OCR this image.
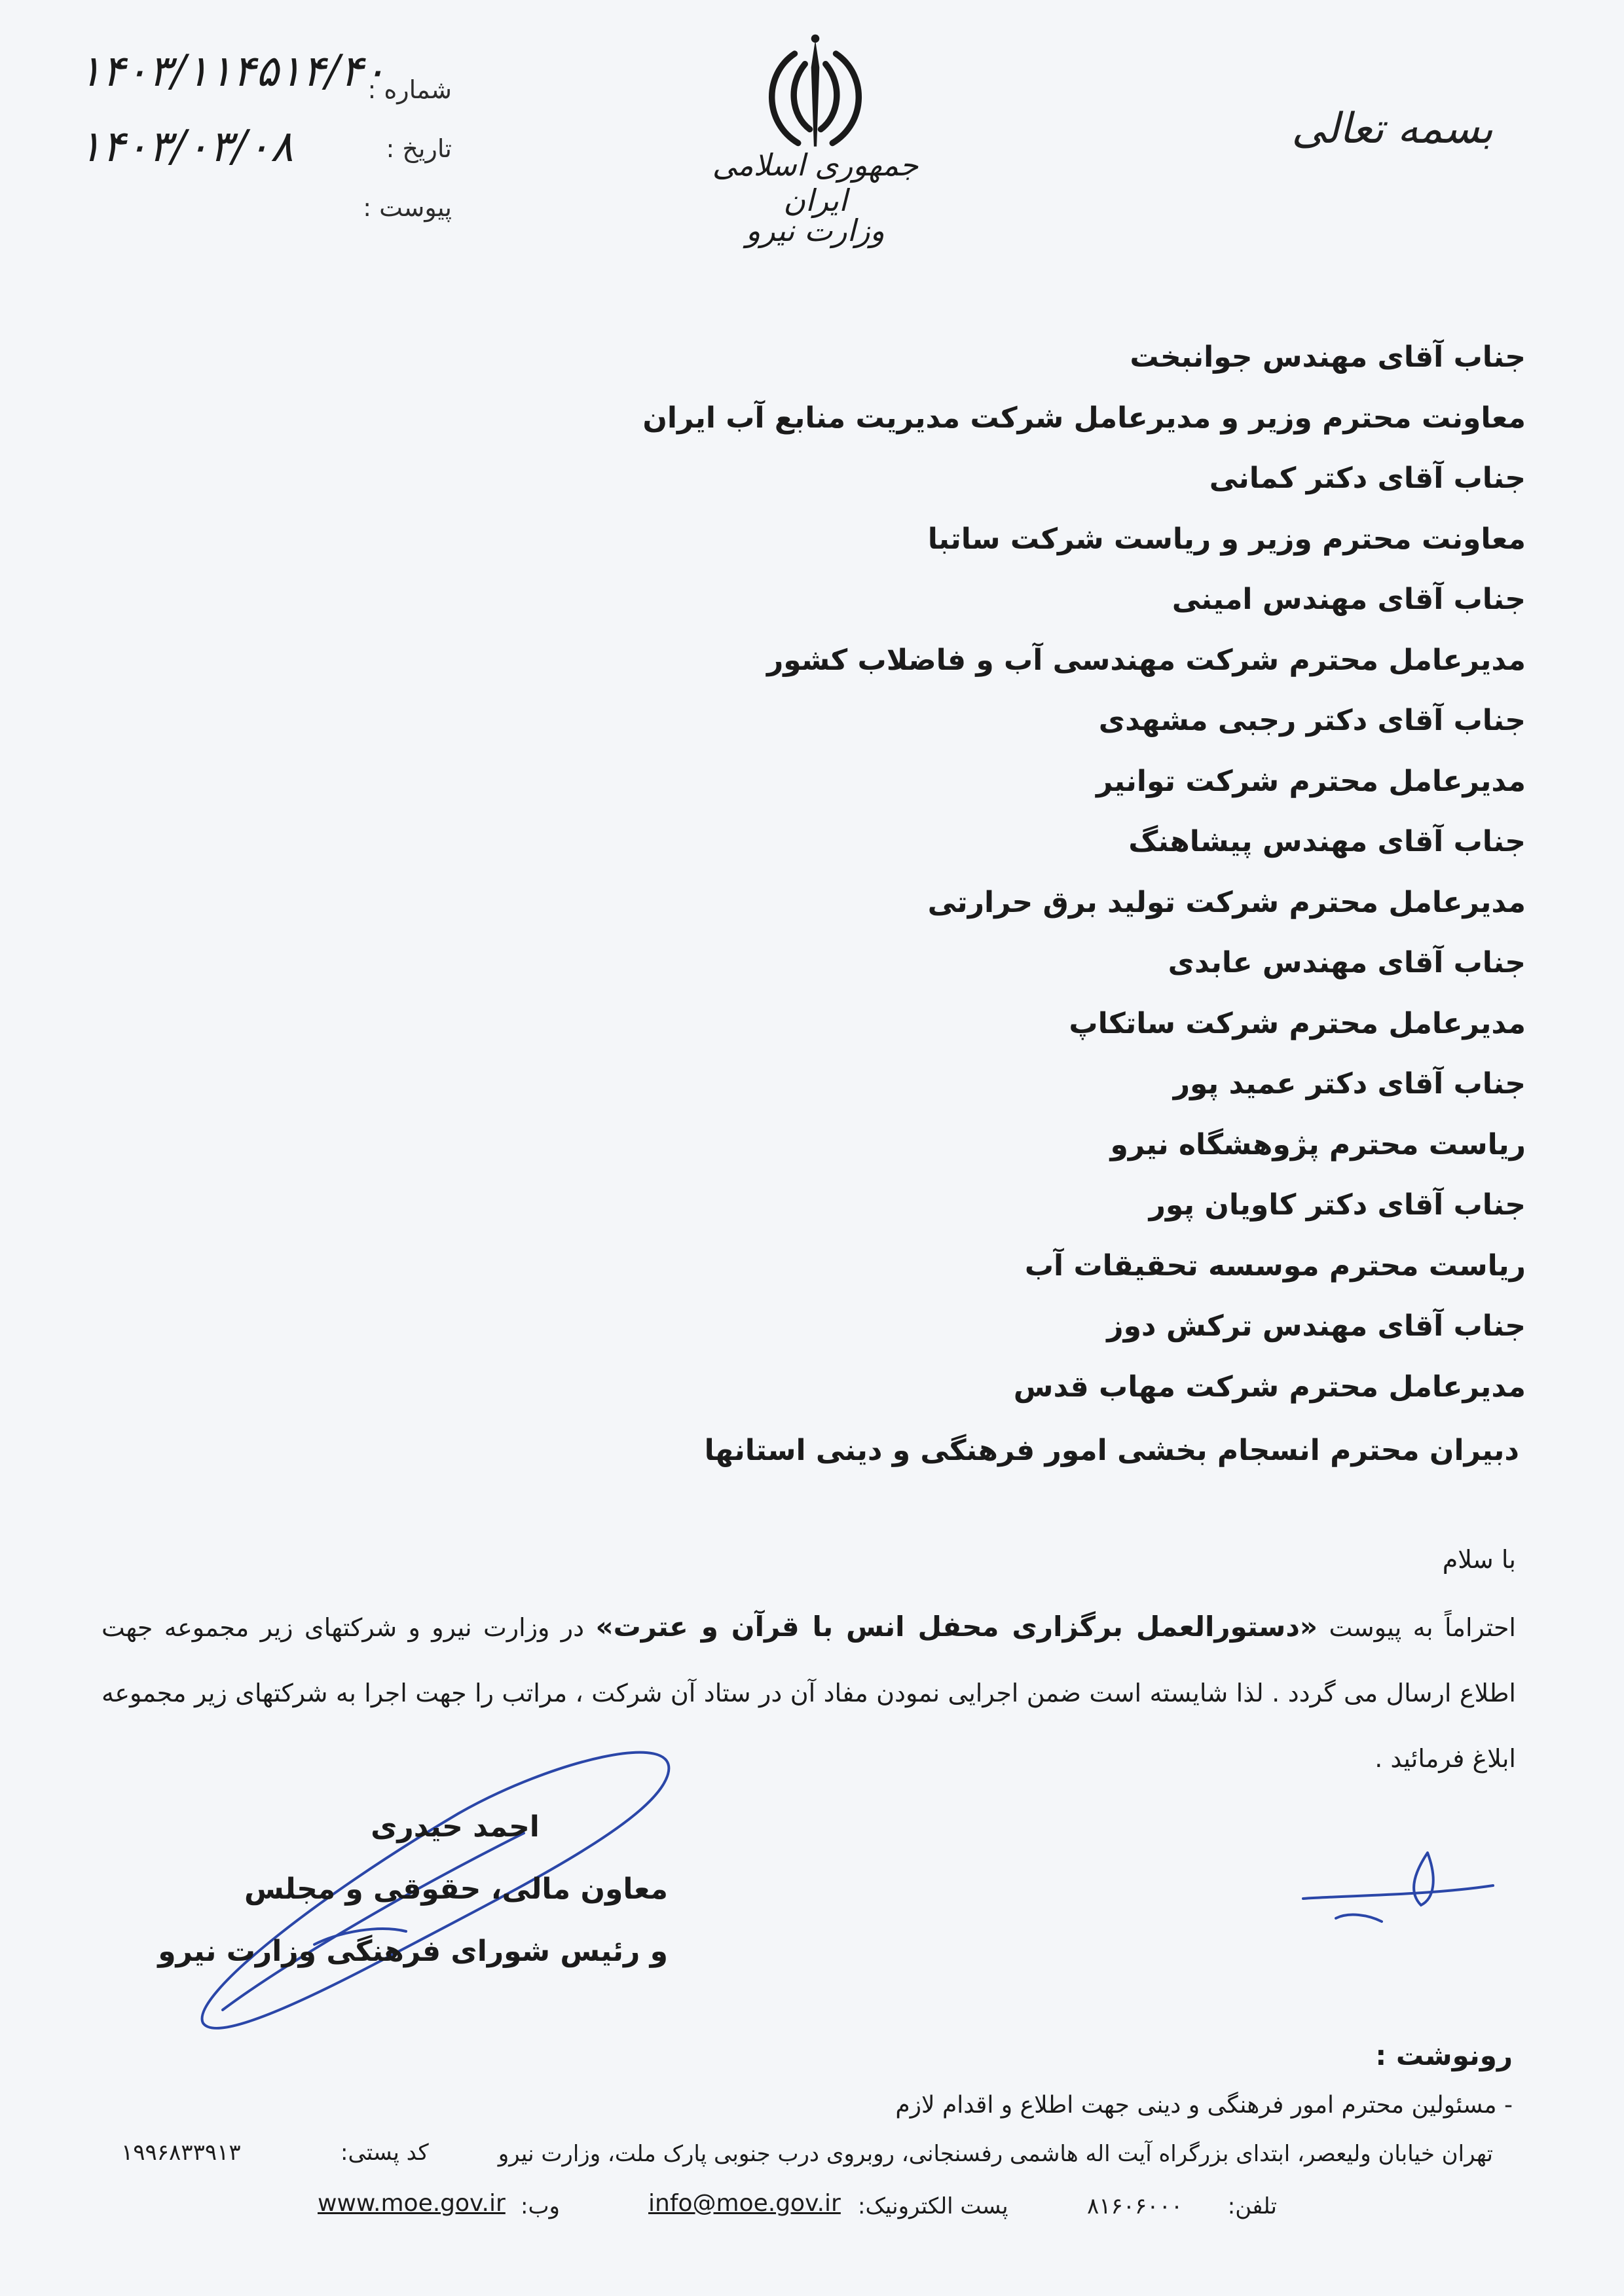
بسمه تعالی
جمهوری اسلامی ایران
وزارت نیرو
شماره :
تاریخ :
پیوست :
۱۴۰۳/۱۱۴۵۱۴/۴۰
۱۴۰۳/۰۳/۰۸
جناب آقای مهندس جوانبخت
معاونت محترم وزیر و مدیرعامل شرکت مدیریت منابع آب ایران
جناب آقای دکتر کمانی
معاونت محترم وزیر و ریاست شرکت ساتبا
جناب آقای مهندس امینی
مدیرعامل محترم شرکت مهندسی آب و فاضلاب کشور
جناب آقای دکتر رجبی مشهدی
مدیرعامل محترم شرکت توانیر
جناب آقای مهندس پیشاهنگ
مدیرعامل محترم شرکت تولید برق حرارتی
جناب آقای مهندس عابدی
مدیرعامل محترم شرکت ساتکاپ
جناب آقای دکتر عمید پور
ریاست محترم پژوهشگاه نیرو
جناب آقای دکتر کاویان پور
ریاست محترم موسسه تحقیقات آب
جناب آقای مهندس ترکش دوز
مدیرعامل محترم شرکت مهاب قدس
دبیران محترم انسجام بخشی امور فرهنگی و دینی استانها
با سلام
احتراماً به پیوست «دستورالعمل برگزاری محفل انس با قرآن و عترت» در وزارت نیرو و شرکتهای زیر مجموعه جهت اطلاع ارسال می گردد . لذا شایسته است ضمن اجرایی نمودن مفاد آن در ستاد آن شرکت ، مراتب را جهت اجرا به شرکتهای زیر مجموعه ابلاغ فرمائید .
احمد حیدری
معاون مالی، حقوقی و مجلس
و رئیس شورای فرهنگی وزارت نیرو
رونوشت :
- مسئولین محترم امور فرهنگی و دینی جهت اطلاع و اقدام لازم
تهران خیابان ولیعصر، ابتدای بزرگراه آیت اله هاشمی رفسنجانی، روبروی درب جنوبی پارک ملت، وزارت نیرو
کد پستی:
۱۹۹۶۸۳۳۹۱۳
تلفن:
۸۱۶۰۶۰۰۰
پست الکترونیک:
info@moe.gov.ir
وب:
www.moe.gov.ir
